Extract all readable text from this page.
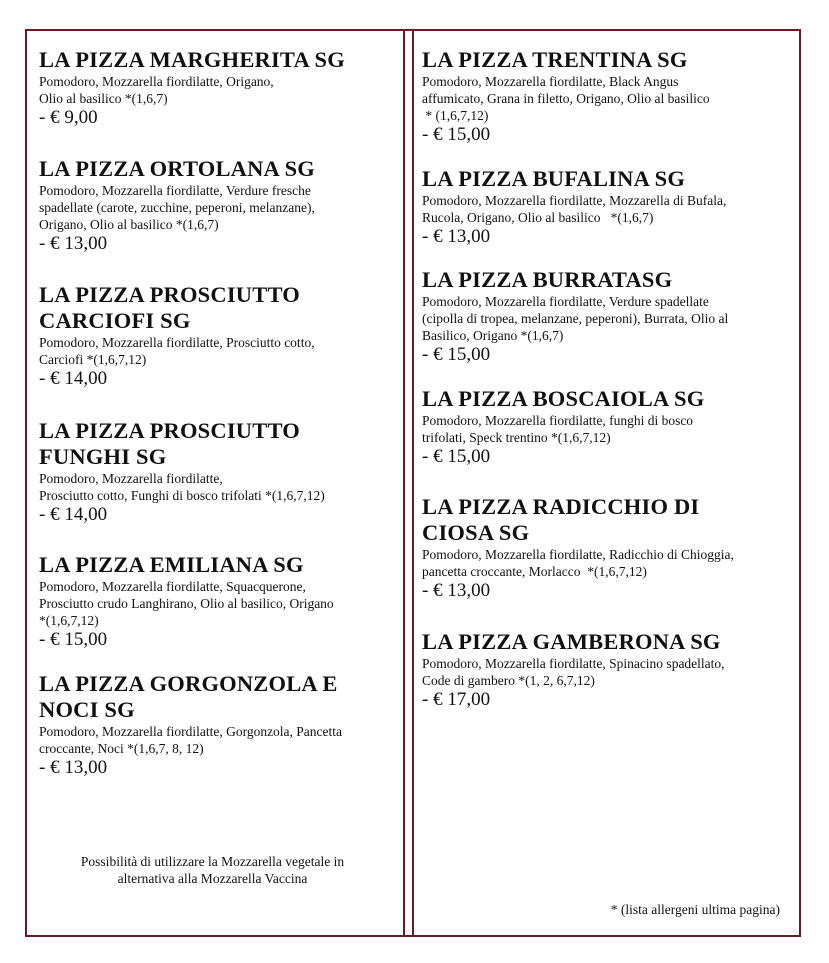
LA PIZZA MARGHERITA SG
Pomodoro, Mozzarella fiordilatte, Origano,
Olio al basilico *(1,6,7)
- € 9,00
LA PIZZA ORTOLANA SG
Pomodoro, Mozzarella fiordilatte, Verdure fresche
spadellate (carote, zucchine, peperoni, melanzane),
Origano, Olio al basilico *(1,6,7)
- € 13,00
LA PIZZA PROSCIUTTO
CARCIOFI SG
Pomodoro, Mozzarella fiordilatte, Prosciutto cotto,
Carciofi *(1,6,7,12)
- € 14,00
LA PIZZA PROSCIUTTO
FUNGHI SG
Pomodoro, Mozzarella fiordilatte,
Prosciutto cotto, Funghi di bosco trifolati *(1,6,7,12)
- € 14,00
LA PIZZA EMILIANA SG
Pomodoro, Mozzarella fiordilatte, Squacquerone,
Prosciutto crudo Langhirano, Olio al basilico, Origano
*(1,6,7,12)
- € 15,00
LA PIZZA GORGONZOLA E
NOCI SG
Pomodoro, Mozzarella fiordilatte, Gorgonzola, Pancetta
croccante, Noci *(1,6,7, 8, 12)
- € 13,00
LA PIZZA TRENTINA SG
Pomodoro, Mozzarella fiordilatte, Black Angus
affumicato, Grana in filetto, Origano, Olio al basilico
* (1,6,7,12)
- € 15,00
LA PIZZA BUFALINA SG
Pomodoro, Mozzarella fiordilatte, Mozzarella di Bufala,
Rucola, Origano, Olio al basilico   *(1,6,7)
- € 13,00
LA PIZZA BURRATASG
Pomodoro, Mozzarella fiordilatte, Verdure spadellate
(cipolla di tropea, melanzane, peperoni), Burrata, Olio al
Basilico, Origano *(1,6,7)
- € 15,00
LA PIZZA BOSCAIOLA SG
Pomodoro, Mozzarella fiordilatte, funghi di bosco
trifolati, Speck trentino *(1,6,7,12)
- € 15,00
LA PIZZA RADICCHIO DI
CIOSA SG
Pomodoro, Mozzarella fiordilatte, Radicchio di Chioggia,
pancetta croccante, Morlacco  *(1,6,7,12)
- € 13,00
LA PIZZA GAMBERONA SG
Pomodoro, Mozzarella fiordilatte, Spinacino spadellato,
Code di gambero *(1, 2, 6,7,12)
- € 17,00
Possibilità di utilizzare la Mozzarella vegetale in
alternativa alla Mozzarella Vaccina
* (lista allergeni ultima pagina)
